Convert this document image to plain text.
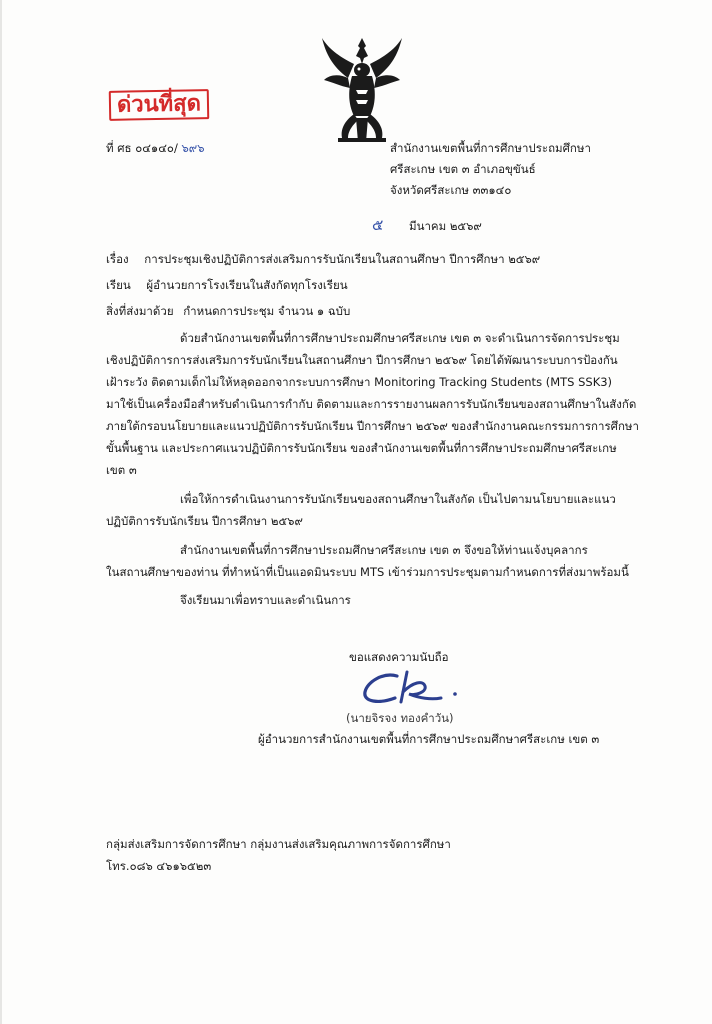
ด่วนที่สุด
ที่ ศธ ๐๔๑๔๐/ ๖๙๖	สำนักงานเขตพื้นที่การศึกษาประถมศึกษา
ศรีสะเกษ เขต ๓ อำเภอขุขันธ์
จังหวัดศรีสะเกษ ๓๓๑๔๐
๕ มีนาคม ๒๕๖๙
เรื่อง การประชุมเชิงปฏิบัติการส่งเสริมการรับนักเรียนในสถานศึกษา ปีการศึกษา ๒๕๖๙
เรียน ผู้อำนวยการโรงเรียนในสังกัดทุกโรงเรียน
สิ่งที่ส่งมาด้วย กำหนดการประชุม จำนวน ๑ ฉบับ
ด้วยสำนักงานเขตพื้นที่การศึกษาประถมศึกษาศรีสะเกษ เขต ๓ จะดำเนินการจัดการประชุม
เชิงปฏิบัติการการส่งเสริมการรับนักเรียนในสถานศึกษา ปีการศึกษา ๒๕๖๙ โดยได้พัฒนาระบบการป้องกัน
เฝ้าระวัง ติดตามเด็กไม่ให้หลุดออกจากระบบการศึกษา Monitoring Tracking Students (MTS SSK3)
มาใช้เป็นเครื่องมือสำหรับดำเนินการกำกับ ติดตามและการรายงานผลการรับนักเรียนของสถานศึกษาในสังกัด
ภายใต้กรอบนโยบายและแนวปฏิบัติการรับนักเรียน ปีการศึกษา ๒๕๖๙ ของสำนักงานคณะกรรมการการศึกษา
ขั้นพื้นฐาน และประกาศแนวปฏิบัติการรับนักเรียน ของสำนักงานเขตพื้นที่การศึกษาประถมศึกษาศรีสะเกษ
เขต ๓
เพื่อให้การดำเนินงานการรับนักเรียนของสถานศึกษาในสังกัด เป็นไปตามนโยบายและแนว
ปฏิบัติการรับนักเรียน ปีการศึกษา ๒๕๖๙
สำนักงานเขตพื้นที่การศึกษาประถมศึกษาศรีสะเกษ เขต ๓ จึงขอให้ท่านแจ้งบุคลากร
ในสถานศึกษาของท่าน ที่ทำหน้าที่เป็นแอดมินระบบ MTS เข้าร่วมการประชุมตามกำหนดการที่ส่งมาพร้อมนี้
จึงเรียนมาเพื่อทราบและดำเนินการ
ขอแสดงความนับถือ
(นายจิรจง ทองคำวัน)
ผู้อำนวยการสำนักงานเขตพื้นที่การศึกษาประถมศึกษาศรีสะเกษ เขต ๓
กลุ่มส่งเสริมการจัดการศึกษา กลุ่มงานส่งเสริมคุณภาพการจัดการศึกษา
โทร.๐๘๖ ๔๖๑๖๕๒๓
